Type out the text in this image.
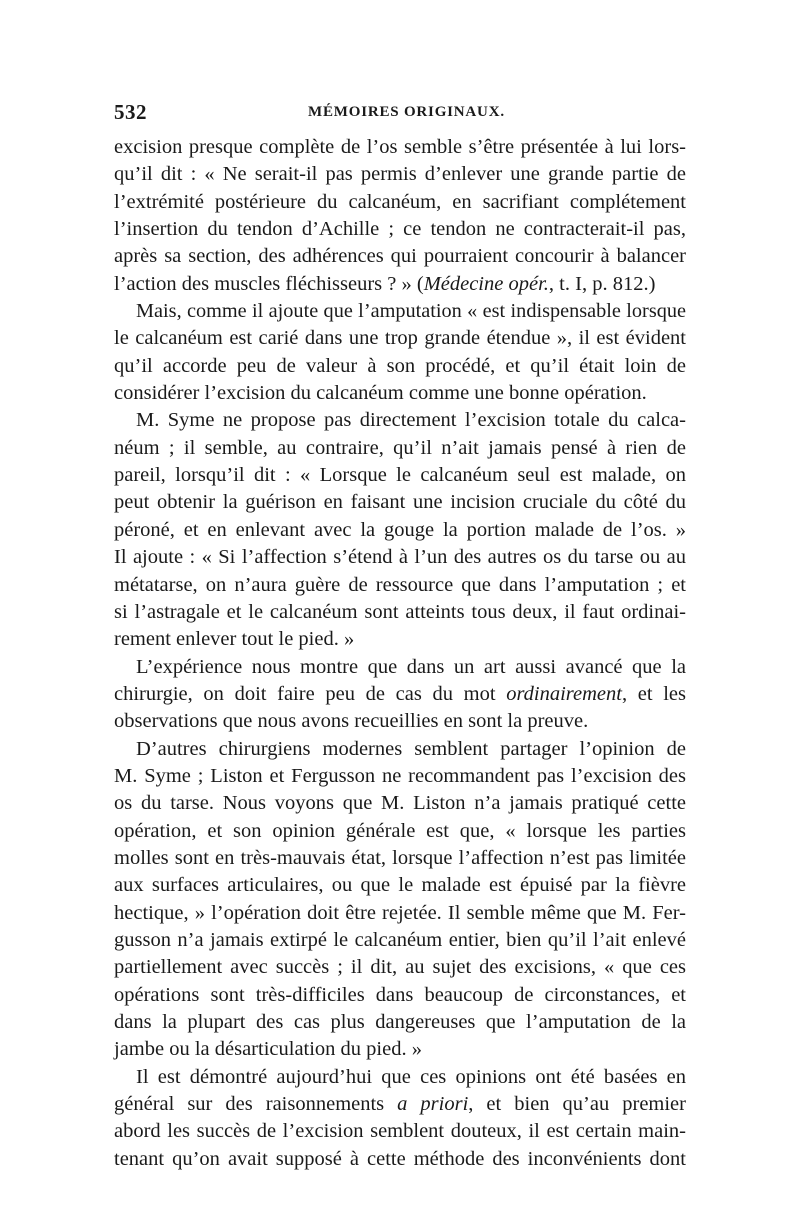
532	MÉMOIRES ORIGINAUX.
excision presque complète de l’os semble s’être présentée à lui lors-
qu’il dit : « Ne serait-il pas permis d’enlever une grande partie de
l’extrémité postérieure du calcanéum, en sacrifiant complétement
l’insertion du tendon d’Achille ; ce tendon ne contracterait-il pas,
après sa section, des adhérences qui pourraient concourir à balancer
l’action des muscles fléchisseurs ? » (Médecine opér., t. I, p. 812.)
Mais, comme il ajoute que l’amputation « est indispensable lorsque
le calcanéum est carié dans une trop grande étendue », il est évident
qu’il accorde peu de valeur à son procédé, et qu’il était loin de
considérer l’excision du calcanéum comme une bonne opération.
M. Syme ne propose pas directement l’excision totale du calca-
néum ; il semble, au contraire, qu’il n’ait jamais pensé à rien de
pareil, lorsqu’il dit : « Lorsque le calcanéum seul est malade, on
peut obtenir la guérison en faisant une incision cruciale du côté du
péroné, et en enlevant avec la gouge la portion malade de l’os. »
Il ajoute : « Si l’affection s’étend à l’un des autres os du tarse ou au
métatarse, on n’aura guère de ressource que dans l’amputation ; et
si l’astragale et le calcanéum sont atteints tous deux, il faut ordinai-
rement enlever tout le pied. »
L’expérience nous montre que dans un art aussi avancé que la
chirurgie, on doit faire peu de cas du mot ordinairement, et les
observations que nous avons recueillies en sont la preuve.
D’autres chirurgiens modernes semblent partager l’opinion de
M. Syme ; Liston et Fergusson ne recommandent pas l’excision des
os du tarse. Nous voyons que M. Liston n’a jamais pratiqué cette
opération, et son opinion générale est que, « lorsque les parties
molles sont en très-mauvais état, lorsque l’affection n’est pas limitée
aux surfaces articulaires, ou que le malade est épuisé par la fièvre
hectique, » l’opération doit être rejetée. Il semble même que M. Fer-
gusson n’a jamais extirpé le calcanéum entier, bien qu’il l’ait enlevé
partiellement avec succès ; il dit, au sujet des excisions, « que ces
opérations sont très-difficiles dans beaucoup de circonstances, et
dans la plupart des cas plus dangereuses que l’amputation de la
jambe ou la désarticulation du pied. »
Il est démontré aujourd’hui que ces opinions ont été basées en
général sur des raisonnements a priori, et bien qu’au premier
abord les succès de l’excision semblent douteux, il est certain main-
tenant qu’on avait supposé à cette méthode des inconvénients dont
